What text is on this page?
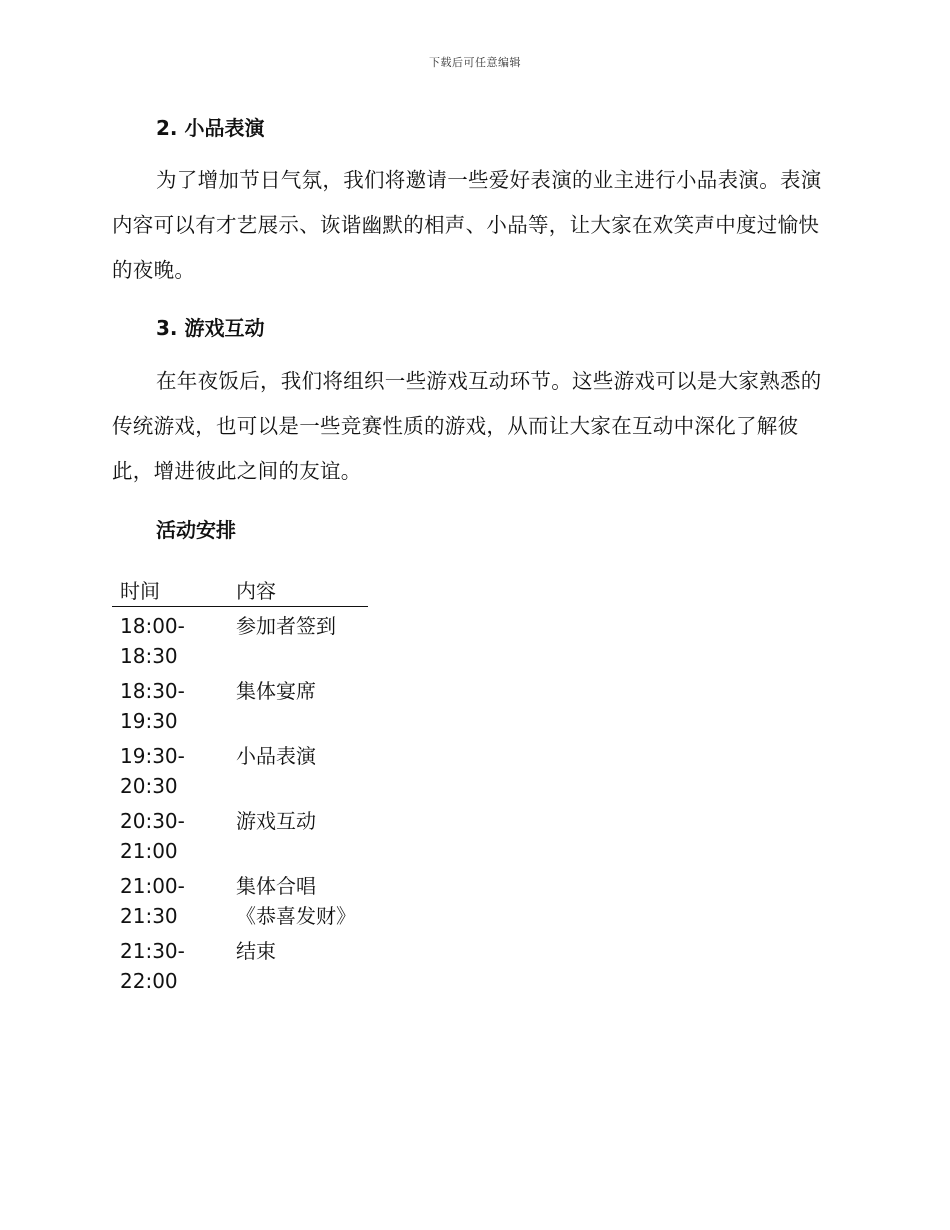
下载后可任意编辑
2. 小品表演

为了增加节日气氛，我们将邀请一些爱好表演的业主进行小品表演。表演内容可以有才艺展示、诙谐幽默的相声、小品等，让大家在欢笑声中度过愉快的夜晚。

3. 游戏互动

在年夜饭后，我们将组织一些游戏互动环节。这些游戏可以是大家熟悉的传统游戏，也可以是一些竞赛性质的游戏，从而让大家在互动中深化了解彼此，增进彼此之间的友谊。

活动安排
时间	内容
18:00-18:30	参加者签到
18:30-19:30	集体宴席
19:30-20:30	小品表演
20:30-21:00	游戏互动
21:00-21:30	集体合唱《恭喜发财》
21:30-22:00	结束
